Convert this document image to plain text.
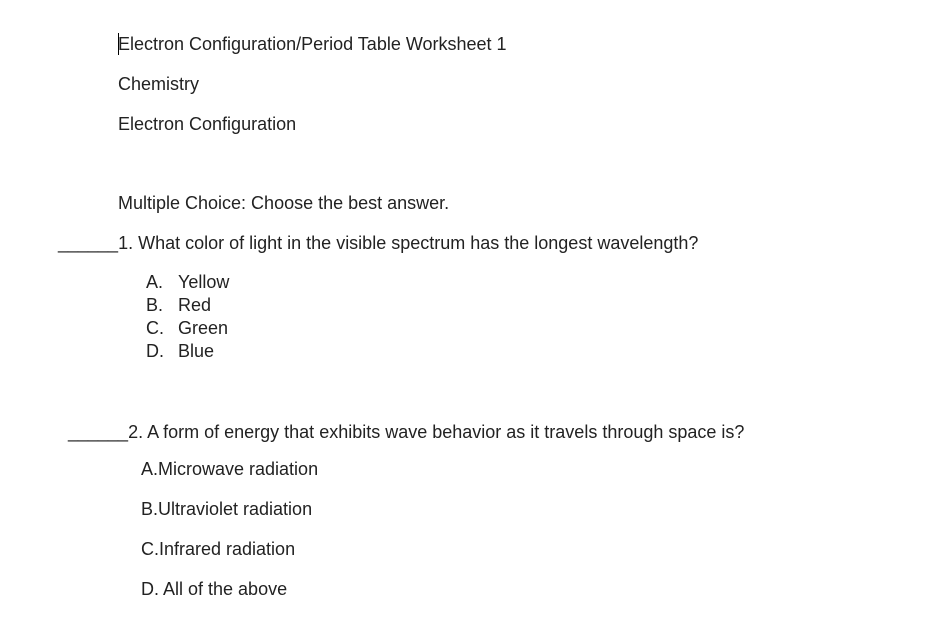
Electron Configuration/Period Table Worksheet 1
Chemistry
Electron Configuration
Multiple Choice: Choose the best answer.
______1. What color of light in the visible spectrum has the longest wavelength?
A. Yellow
B. Red
C. Green
D. Blue
______2. A form of energy that exhibits wave behavior as it travels through space is?
A.Microwave radiation
B.Ultraviolet radiation
C.Infrared radiation
D. All of the above
